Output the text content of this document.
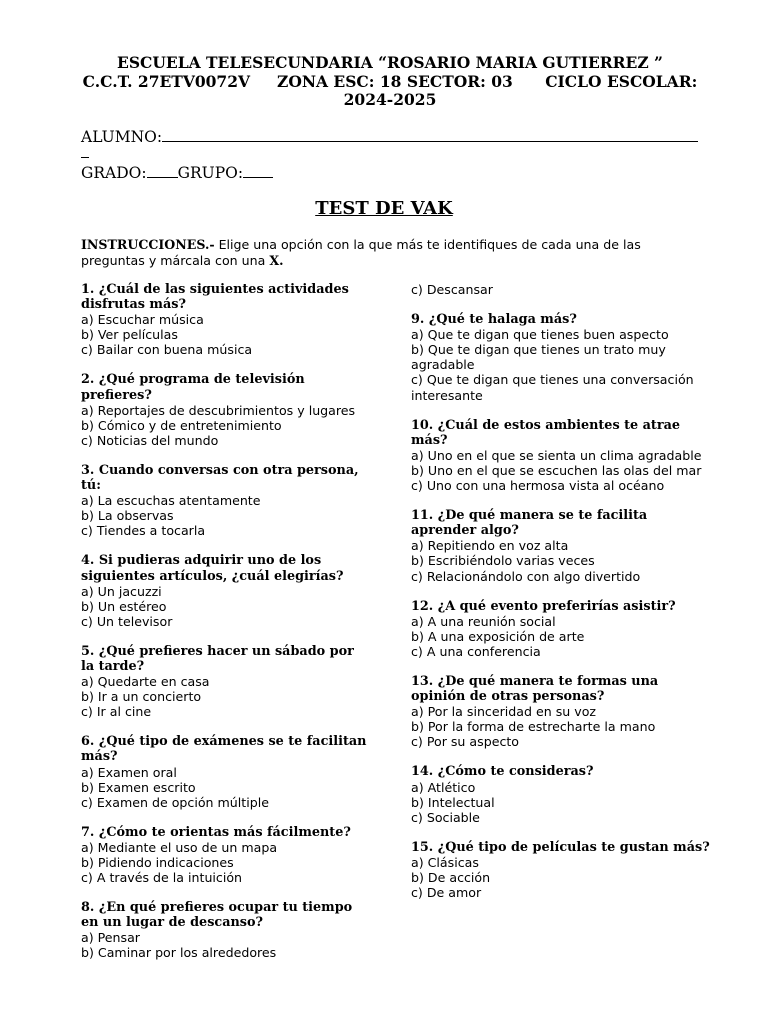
ESCUELA TELESECUNDARIA “ROSARIO MARIA GUTIERREZ ”
C.C.T. 27ETV0072V
ZONA ESC: 18
SECTOR: 03
CICLO ESCOLAR:
2024-2025
ALUMNO:
GRADO: GRUPO:
TEST DE VAK
INSTRUCCIONES.- Elige una opción con la que más te identifiques de cada una de las preguntas y márcala con una X.
1. ¿Cuál de las siguientes actividades disfrutas más?
a) Escuchar música
b) Ver películas
c) Bailar con buena música
2. ¿Qué programa de televisión prefieres?
a) Reportajes de descubrimientos y lugares
b) Cómico y de entretenimiento
c) Noticias del mundo
3. Cuando conversas con otra persona, tú:
a) La escuchas atentamente
b) La observas
c) Tiendes a tocarla
4. Si pudieras adquirir uno de los siguientes artículos, ¿cuál elegirías?
a) Un jacuzzi
b) Un estéreo
c) Un televisor
5. ¿Qué prefieres hacer un sábado por la tarde?
a) Quedarte en casa
b) Ir a un concierto
c) Ir al cine
6. ¿Qué tipo de exámenes se te facilitan más?
a) Examen oral
b) Examen escrito
c) Examen de opción múltiple
7. ¿Cómo te orientas más fácilmente?
a) Mediante el uso de un mapa
b) Pidiendo indicaciones
c) A través de la intuición
8. ¿En qué prefieres ocupar tu tiempo en un lugar de descanso?
a) Pensar
b) Caminar por los alrededores
c) Descansar
9. ¿Qué te halaga más?
a) Que te digan que tienes buen aspecto
b) Que te digan que tienes un trato muy agradable
c) Que te digan que tienes una conversación interesante
10. ¿Cuál de estos ambientes te atrae más?
a) Uno en el que se sienta un clima agradable
b) Uno en el que se escuchen las olas del mar
c) Uno con una hermosa vista al océano
11. ¿De qué manera se te facilita aprender algo?
a) Repitiendo en voz alta
b) Escribiéndolo varias veces
c) Relacionándolo con algo divertido
12. ¿A qué evento preferirías asistir?
a) A una reunión social
b) A una exposición de arte
c) A una conferencia
13. ¿De qué manera te formas una opinión de otras personas?
a) Por la sinceridad en su voz
b) Por la forma de estrecharte la mano
c) Por su aspecto
14. ¿Cómo te consideras?
a) Atlético
b) Intelectual
c) Sociable
15. ¿Qué tipo de películas te gustan más?
a) Clásicas
b) De acción
c) De amor
